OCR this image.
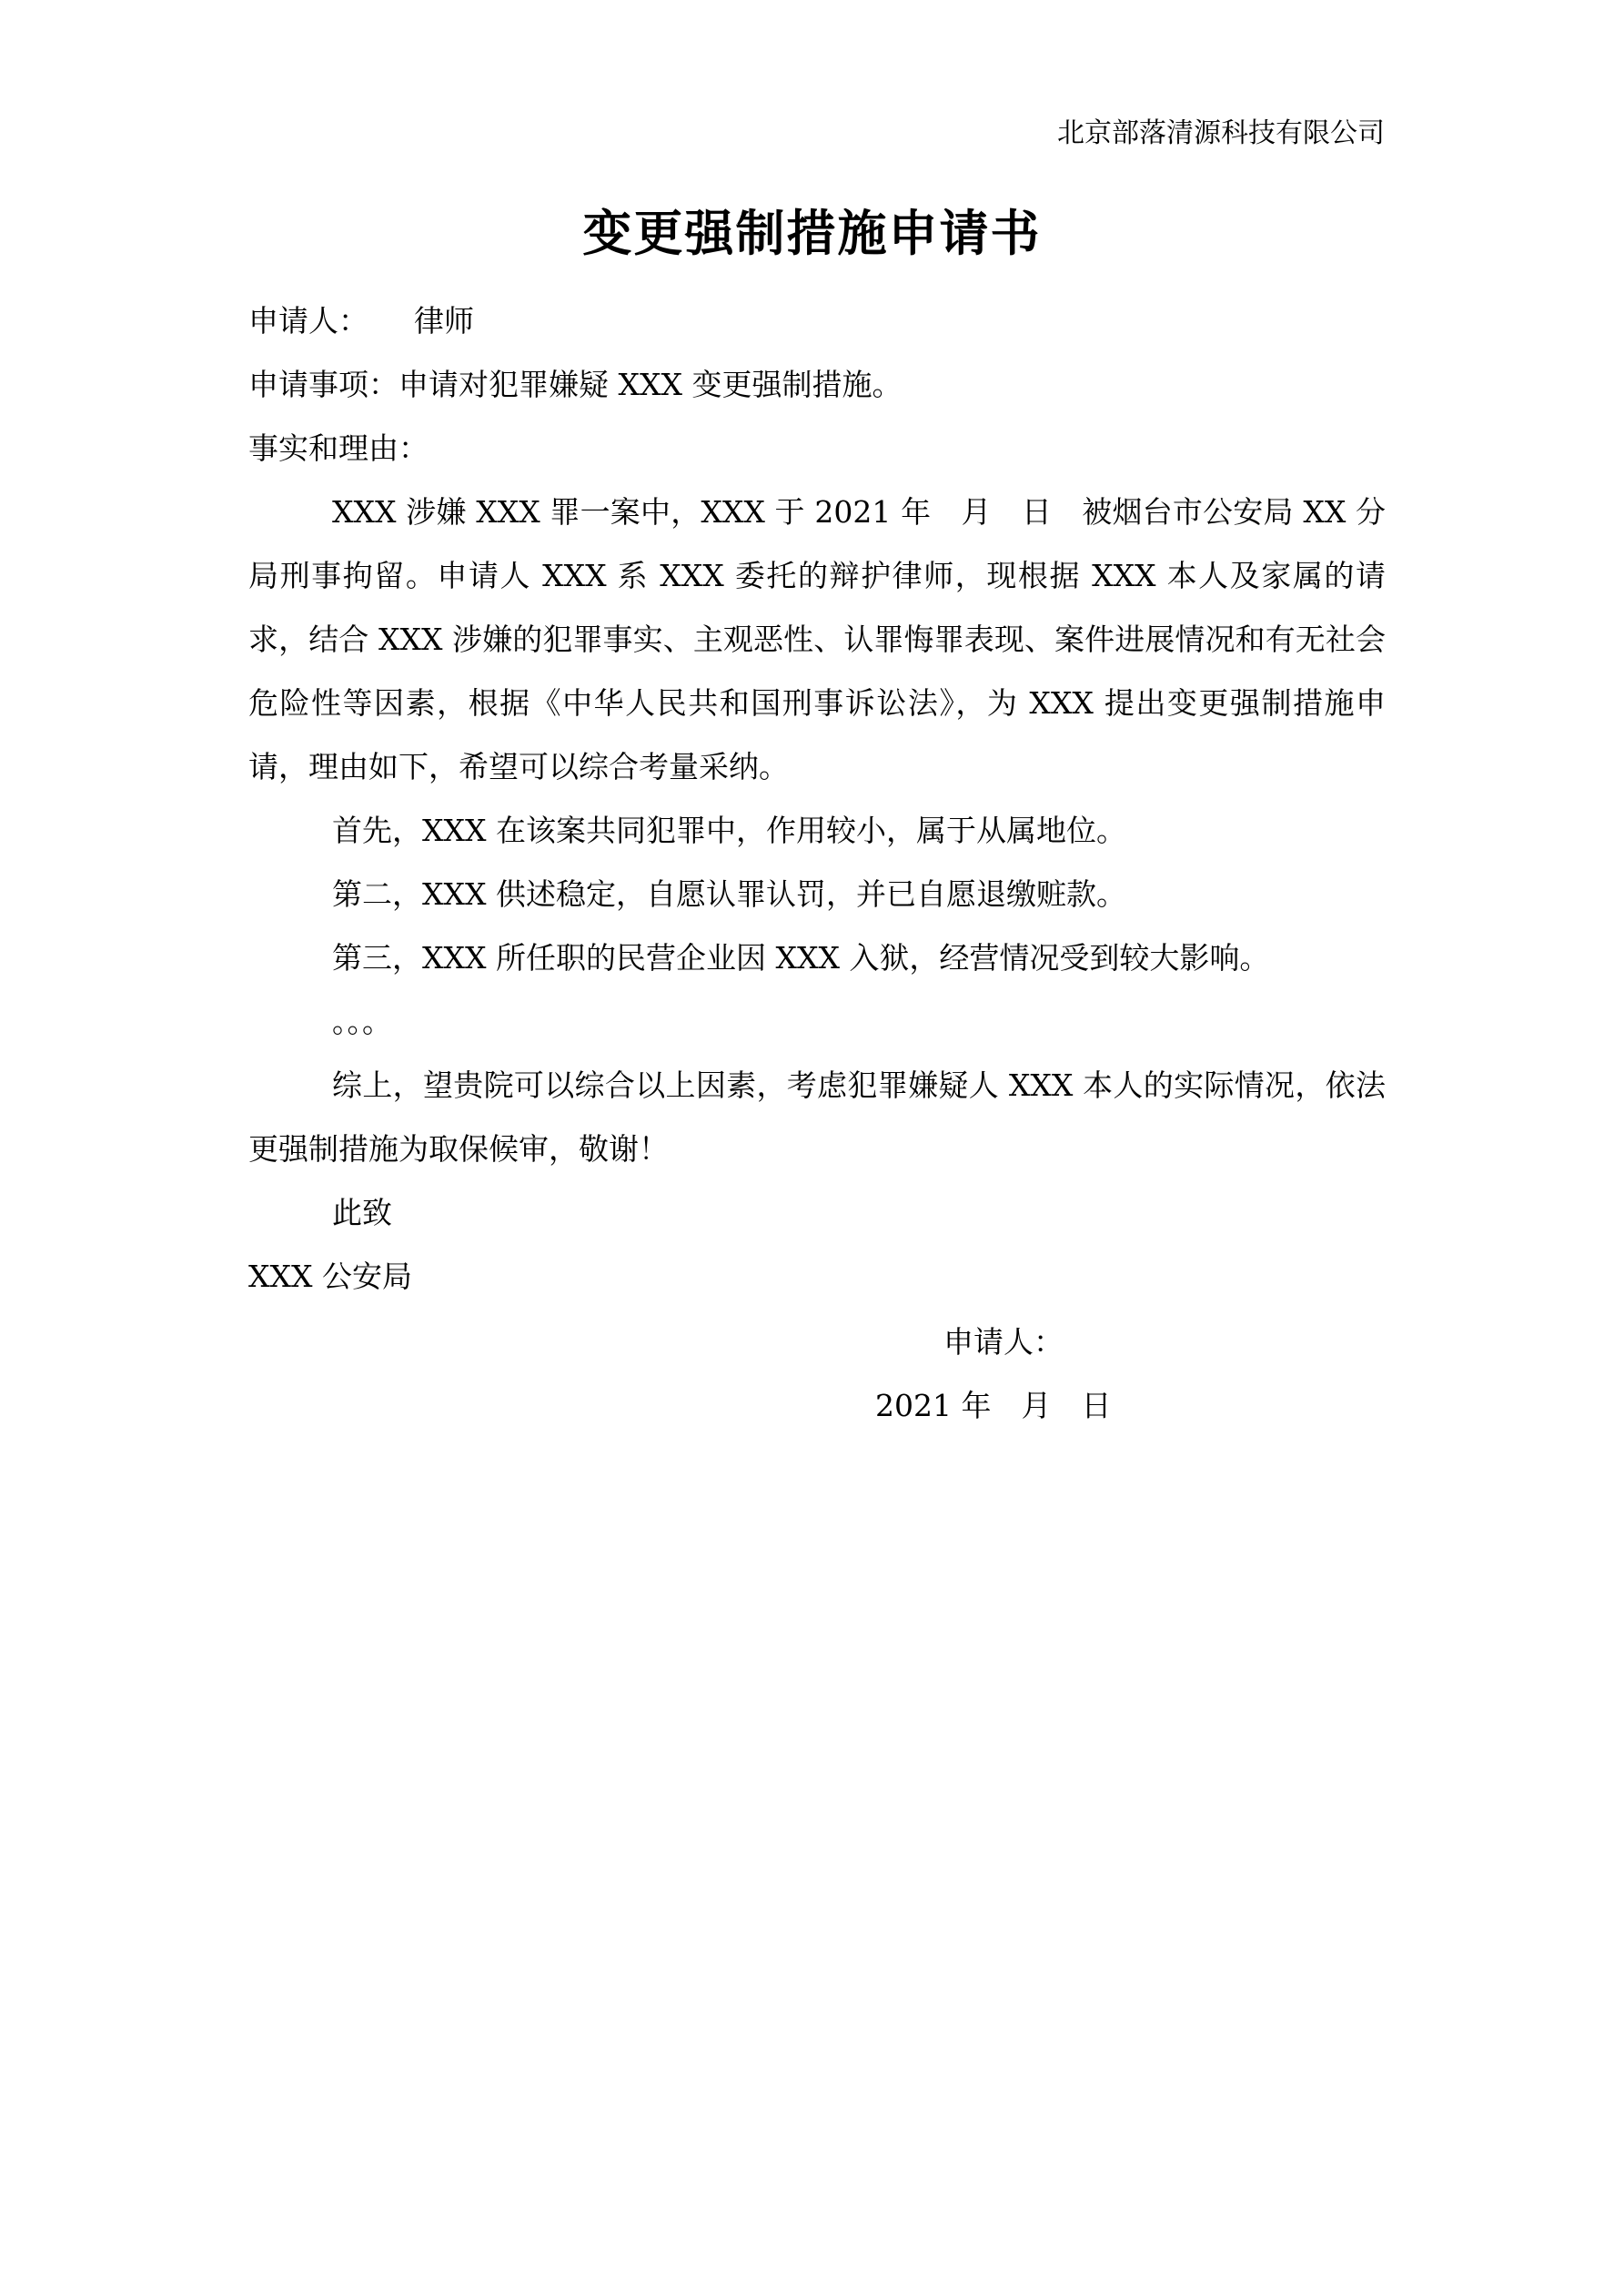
北京部落清源科技有限公司
变更强制措施申请书
申请人： 律师
申请事项：申请对犯罪嫌疑 XXX 变更强制措施。
事实和理由：
XXX 涉嫌 XXX 罪一案中，XXX 于 2021 年　月　日　被烟台市公安局 XX 分局刑事拘留。申请人 XXX 系 XXX 委托的辩护律师，现根据 XXX 本人及家属的请求，结合 XXX 涉嫌的犯罪事实、主观恶性、认罪悔罪表现、案件进展情况和有无社会危险性等因素，根据《中华人民共和国刑事诉讼法》，为 XXX 提出变更强制措施申请，理由如下，希望可以综合考量采纳。
首先，XXX 在该案共同犯罪中，作用较小，属于从属地位。
第二，XXX 供述稳定，自愿认罪认罚，并已自愿退缴赃款。
第三，XXX 所任职的民营企业因 XXX 入狱，经营情况受到较大影响。
。。。
综上，望贵院可以综合以上因素，考虑犯罪嫌疑人 XXX 本人的实际情况，依法更强制措施为取保候审，敬谢！
此致
XXX 公安局
申请人：
2021 年　月　日
